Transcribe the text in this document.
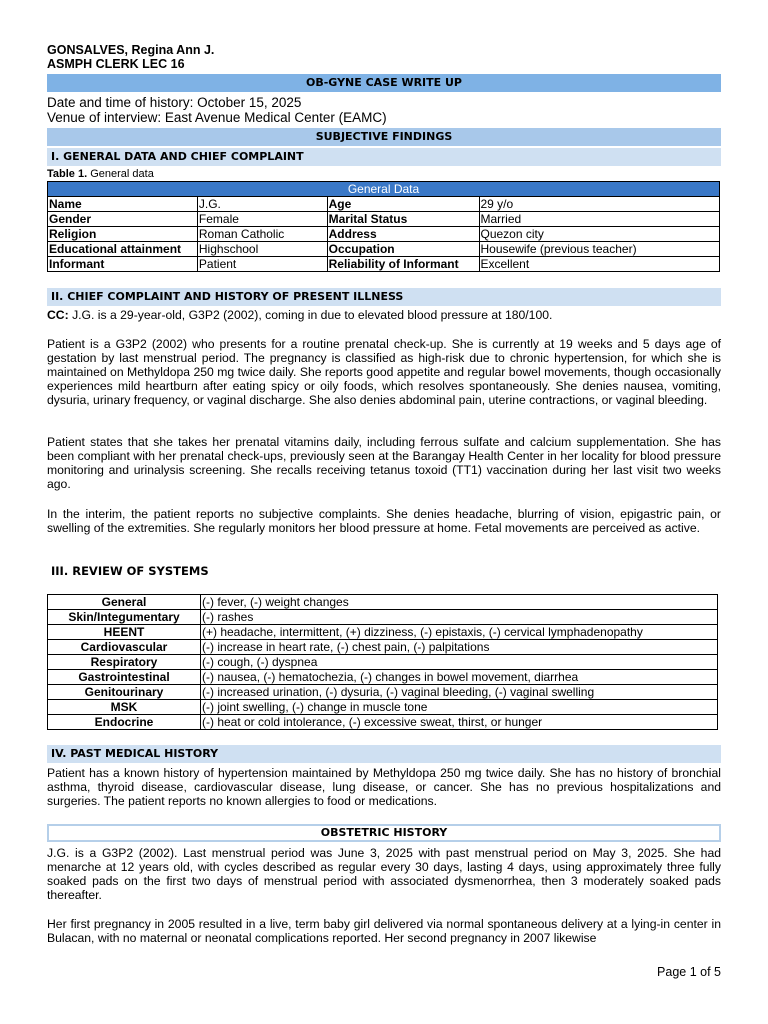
GONSALVES, Regina Ann J.
ASMPH CLERK LEC 16
OB-GYNE CASE WRITE UP
Date and time of history: October 15, 2025
Venue of interview: East Avenue Medical Center (EAMC)
SUBJECTIVE FINDINGS
I. GENERAL DATA AND CHIEF COMPLAINT
Table 1. General data
General Data			
Name	J.G.	Age	29 y/o
Gender	Female	Marital Status	Married
Religion	Roman Catholic	Address	Quezon city
Educational attainment	Highschool	Occupation	Housewife (previous teacher)
Informant	Patient	Reliability of Informant	Excellent
II. CHIEF COMPLAINT AND HISTORY OF PRESENT ILLNESS
CC: J.G. is a 29-year-old, G3P2 (2002), coming in due to elevated blood pressure at 180/100.
Patient is a G3P2 (2002) who presents for a routine prenatal check-up. She is currently at 19 weeks and 5 days age of gestation by last menstrual period. The pregnancy is classified as high-risk due to chronic hypertension, for which she is maintained on Methyldopa 250 mg twice daily. She reports good appetite and regular bowel movements, though occasionally experiences mild heartburn after eating spicy or oily foods, which resolves spontaneously. She denies nausea, vomiting, dysuria, urinary frequency, or vaginal discharge. She also denies abdominal pain, uterine contractions, or vaginal bleeding.
Patient states that she takes her prenatal vitamins daily, including ferrous sulfate and calcium supplementation. She has been compliant with her prenatal check-ups, previously seen at the Barangay Health Center in her locality for blood pressure monitoring and urinalysis screening. She recalls receiving tetanus toxoid (TT1) vaccination during her last visit two weeks ago.
In the interim, the patient reports no subjective complaints. She denies headache, blurring of vision, epigastric pain, or swelling of the extremities. She regularly monitors her blood pressure at home. Fetal movements are perceived as active.
III. REVIEW OF SYSTEMS
General	(-) fever, (-) weight changes
Skin/Integumentary	(-) rashes
HEENT	(+) headache, intermittent, (+) dizziness, (-) epistaxis, (-) cervical lymphadenopathy
Cardiovascular	(-) increase in heart rate, (-) chest pain, (-) palpitations
Respiratory	(-) cough, (-) dyspnea
Gastrointestinal	(-) nausea, (-) hematochezia, (-) changes in bowel movement, diarrhea
Genitourinary	(-) increased urination, (-) dysuria, (-) vaginal bleeding, (-) vaginal swelling
MSK	(-) joint swelling, (-) change in muscle tone
Endocrine	(-) heat or cold intolerance, (-) excessive sweat, thirst, or hunger
IV. PAST MEDICAL HISTORY
Patient has a known history of hypertension maintained by Methyldopa 250 mg twice daily. She has no history of bronchial asthma, thyroid disease, cardiovascular disease, lung disease, or cancer. She has no previous hospitalizations and surgeries. The patient reports no known allergies to food or medications.
OBSTETRIC HISTORY
J.G. is a G3P2 (2002). Last menstrual period was June 3, 2025 with past menstrual period on May 3, 2025. She had menarche at 12 years old, with cycles described as regular every 30 days, lasting 4 days, using approximately three fully soaked pads on the first two days of menstrual period with associated dysmenorrhea, then 3 moderately soaked pads thereafter.
Her first pregnancy in 2005 resulted in a live, term baby girl delivered via normal spontaneous delivery at a lying-in center in Bulacan, with no maternal or neonatal complications reported. Her second pregnancy in 2007 likewise
Page 1 of 5
